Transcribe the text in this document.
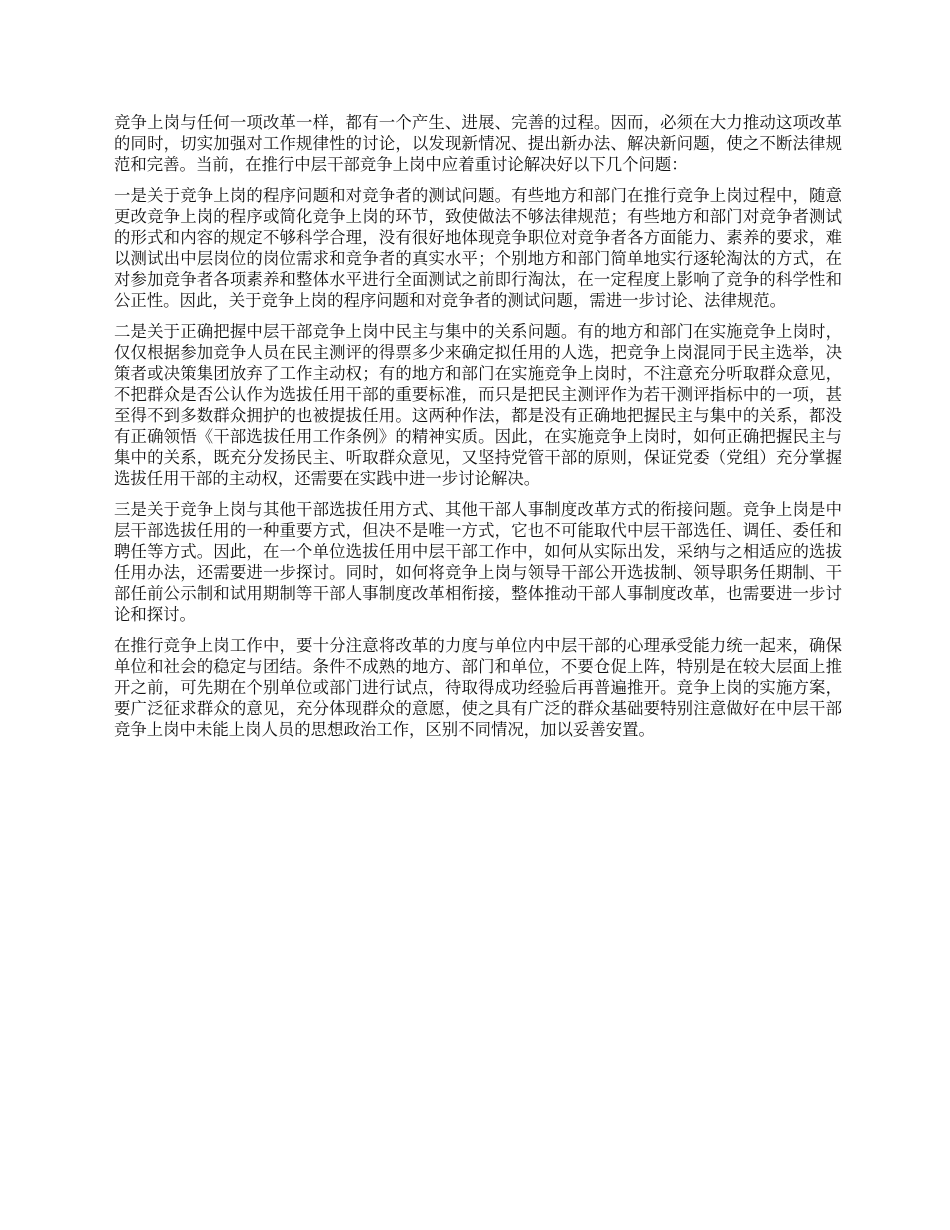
竞争上岗与任何一项改革一样，都有一个产生、进展、完善的过程。因而，必须在大力推动这项改革的同时，切实加强对工作规律性的讨论，以发现新情况、提出新办法、解决新问题，使之不断法律规范和完善。当前，在推行中层干部竞争上岗中应着重讨论解决好以下几个问题：

一是关于竞争上岗的程序问题和对竞争者的测试问题。有些地方和部门在推行竞争上岗过程中，随意更改竞争上岗的程序或简化竞争上岗的环节，致使做法不够法律规范；有些地方和部门对竞争者测试的形式和内容的规定不够科学合理，没有很好地体现竞争职位对竞争者各方面能力、素养的要求，难以测试出中层岗位的岗位需求和竞争者的真实水平；个别地方和部门简单地实行逐轮淘汰的方式，在对参加竞争者各项素养和整体水平进行全面测试之前即行淘汰，在一定程度上影响了竞争的科学性和公正性。因此，关于竞争上岗的程序问题和对竞争者的测试问题，需进一步讨论、法律规范。

二是关于正确把握中层干部竞争上岗中民主与集中的关系问题。有的地方和部门在实施竞争上岗时，仅仅根据参加竞争人员在民主测评的得票多少来确定拟任用的人选，把竞争上岗混同于民主选举，决策者或决策集团放弃了工作主动权；有的地方和部门在实施竞争上岗时，不注意充分听取群众意见，不把群众是否公认作为选拔任用干部的重要标准，而只是把民主测评作为若干测评指标中的一项，甚至得不到多数群众拥护的也被提拔任用。这两种作法，都是没有正确地把握民主与集中的关系，都没有正确领悟《干部选拔任用工作条例》的精神实质。因此，在实施竞争上岗时，如何正确把握民主与集中的关系，既充分发扬民主、听取群众意见，又坚持党管干部的原则，保证党委（党组）充分掌握选拔任用干部的主动权，还需要在实践中进一步讨论解决。

三是关于竞争上岗与其他干部选拔任用方式、其他干部人事制度改革方式的衔接问题。竞争上岗是中层干部选拔任用的一种重要方式，但决不是唯一方式，它也不可能取代中层干部选任、调任、委任和聘任等方式。因此，在一个单位选拔任用中层干部工作中，如何从实际出发，采纳与之相适应的选拔任用办法，还需要进一步探讨。同时，如何将竞争上岗与领导干部公开选拔制、领导职务任期制、干部任前公示制和试用期制等干部人事制度改革相衔接，整体推动干部人事制度改革，也需要进一步讨论和探讨。

在推行竞争上岗工作中，要十分注意将改革的力度与单位内中层干部的心理承受能力统一起来，确保单位和社会的稳定与团结。条件不成熟的地方、部门和单位，不要仓促上阵，特别是在较大层面上推开之前，可先期在个别单位或部门进行试点，待取得成功经验后再普遍推开。竞争上岗的实施方案，要广泛征求群众的意见，充分体现群众的意愿，使之具有广泛的群众基础要特别注意做好在中层干部竞争上岗中未能上岗人员的思想政治工作，区别不同情况，加以妥善安置。
